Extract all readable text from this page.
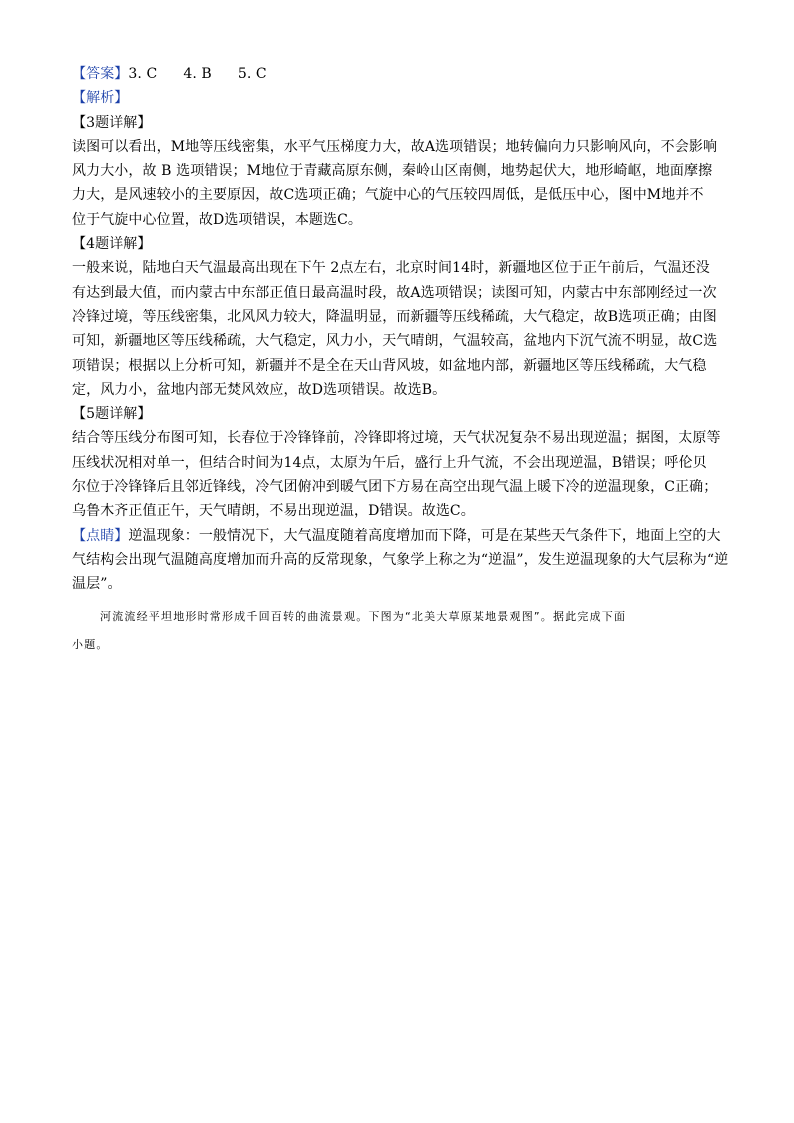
【答案】3. C 4. B 5. C
【解析】
【3题详解】
读图可以看出，M地等压线密集，水平气压梯度力大，故A选项错误；地转偏向力只影响风向，不会影响
风力大小，故 B 选项错误；M地位于青藏高原东侧，秦岭山区南侧，地势起伏大，地形崎岖，地面摩擦
力大，是风速较小的主要原因，故C选项正确；气旋中心的气压较四周低，是低压中心，图中M地并不
位于气旋中心位置，故D选项错误，本题选C。
【4题详解】
一般来说，陆地白天气温最高出现在下午 2点左右，北京时间14时，新疆地区位于正午前后，气温还没
有达到最大值，而内蒙古中东部正值日最高温时段，故A选项错误；读图可知，内蒙古中东部刚经过一次
冷锋过境，等压线密集，北风风力较大，降温明显，而新疆等压线稀疏，大气稳定，故B选项正确；由图
可知，新疆地区等压线稀疏，大气稳定，风力小，天气晴朗，气温较高，盆地内下沉气流不明显，故C选
项错误；根据以上分析可知，新疆并不是全在天山背风坡，如盆地内部，新疆地区等压线稀疏，大气稳
定，风力小，盆地内部无焚风效应，故D选项错误。故选B。
【5题详解】
结合等压线分布图可知，长春位于冷锋锋前，冷锋即将过境，天气状况复杂不易出现逆温；据图，太原等
压线状况相对单一，但结合时间为14点，太原为午后，盛行上升气流，不会出现逆温，B错误；呼伦贝
尔位于冷锋锋后且邻近锋线，冷气团俯冲到暖气团下方易在高空出现气温上暖下冷的逆温现象，C正确；
乌鲁木齐正值正午，天气晴朗，不易出现逆温，D错误。故选C。
【点睛】逆温现象：一般情况下，大气温度随着高度增加而下降，可是在某些天气条件下，地面上空的大
气结构会出现气温随高度增加而升高的反常现象，气象学上称之为“逆温”，发生逆温现象的大气层称为“逆
温层”。
河流流经平坦地形时常形成千回百转的曲流景观。下图为“北美大草原某地景观图”。据此完成下面
小题。
